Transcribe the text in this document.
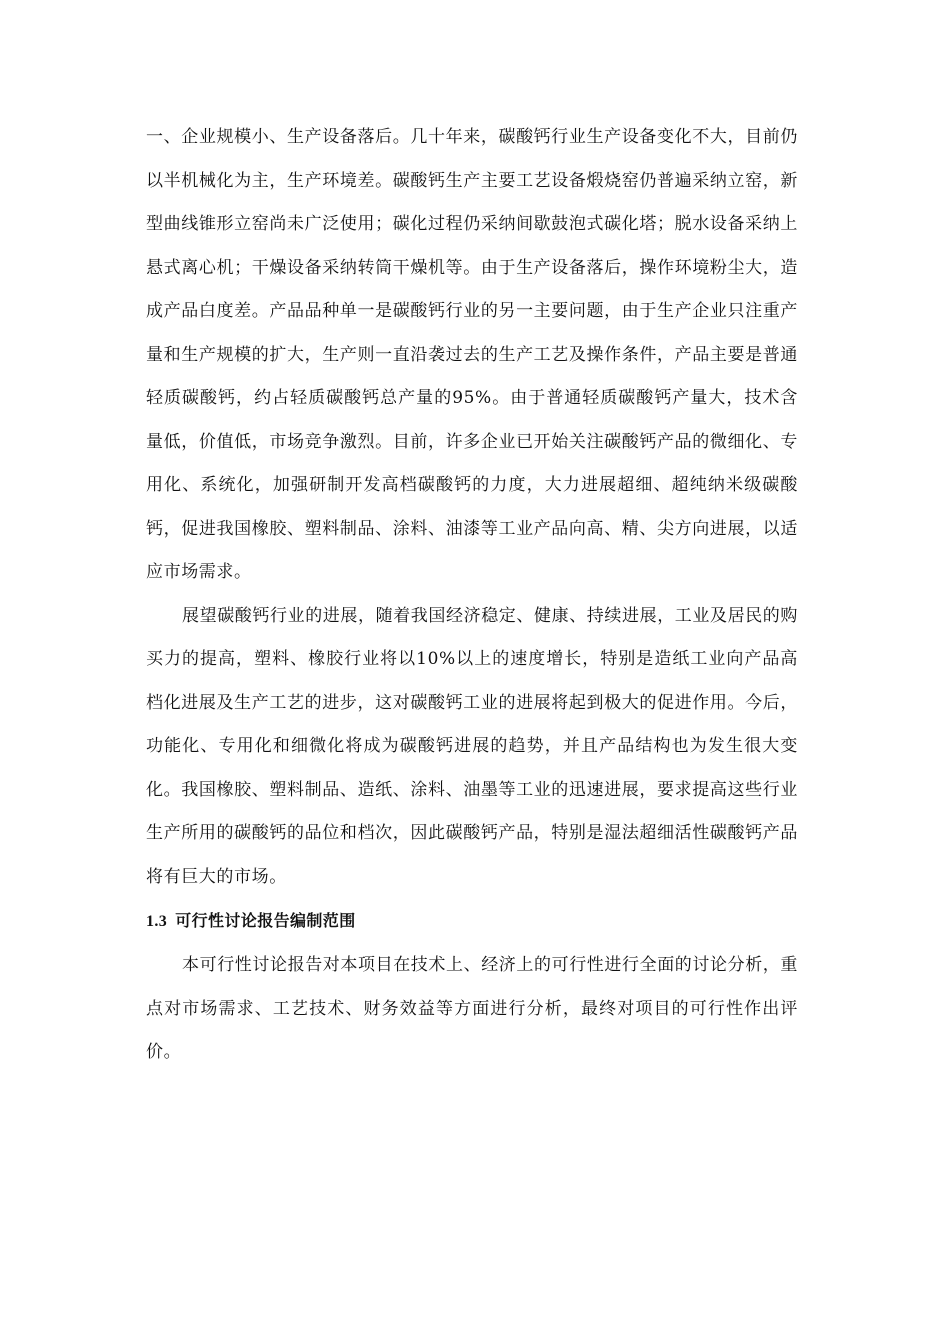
一、企业规模小、生产设备落后。几十年来，碳酸钙行业生产设备变化不大，目前仍以半机械化为主，生产环境差。碳酸钙生产主要工艺设备煅烧窑仍普遍采纳立窑，新型曲线锥形立窑尚未广泛使用；碳化过程仍采纳间歇鼓泡式碳化塔；脱水设备采纳上悬式离心机；干燥设备采纳转筒干燥机等。由于生产设备落后，操作环境粉尘大，造成产品白度差。产品品种单一是碳酸钙行业的另一主要问题，由于生产企业只注重产量和生产规模的扩大，生产则一直沿袭过去的生产工艺及操作条件，产品主要是普通轻质碳酸钙，约占轻质碳酸钙总产量的95%。由于普通轻质碳酸钙产量大，技术含量低，价值低，市场竞争激烈。目前，许多企业已开始关注碳酸钙产品的微细化、专用化、系统化，加强研制开发高档碳酸钙的力度，大力进展超细、超纯纳米级碳酸钙，促进我国橡胶、塑料制品、涂料、油漆等工业产品向高、精、尖方向进展，以适应市场需求。

展望碳酸钙行业的进展，随着我国经济稳定、健康、持续进展，工业及居民的购买力的提高，塑料、橡胶行业将以10%以上的速度增长，特别是造纸工业向产品高档化进展及生产工艺的进步，这对碳酸钙工业的进展将起到极大的促进作用。今后，功能化、专用化和细微化将成为碳酸钙进展的趋势，并且产品结构也为发生很大变化。我国橡胶、塑料制品、造纸、涂料、油墨等工业的迅速进展，要求提高这些行业生产所用的碳酸钙的品位和档次，因此碳酸钙产品，特别是湿法超细活性碳酸钙产品将有巨大的市场。

1.3 可行性讨论报告编制范围

本可行性讨论报告对本项目在技术上、经济上的可行性进行全面的讨论分析，重点对市场需求、工艺技术、财务效益等方面进行分析，最终对项目的可行性作出评价。
